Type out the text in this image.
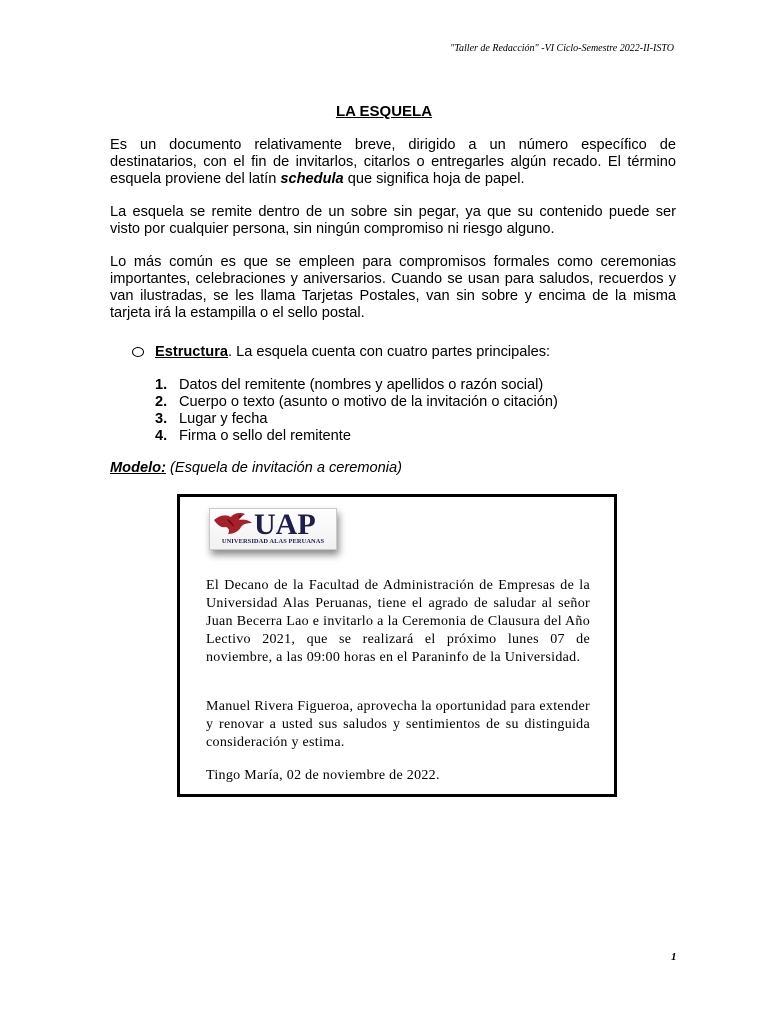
"Taller de Redacción" -VI Ciclo-Semestre 2022-II-ISTO
LA ESQUELA

Es un documento relativamente breve, dirigido a un número específico de destinatarios, con el fin de invitarlos, citarlos o entregarles algún recado. El término esquela proviene del latín schedula que significa hoja de papel.

La esquela se remite dentro de un sobre sin pegar, ya que su contenido puede ser visto por cualquier persona, sin ningún compromiso ni riesgo alguno.

Lo más común es que se empleen para compromisos formales como ceremonias importantes, celebraciones y aniversarios. Cuando se usan para saludos, recuerdos y van ilustradas, se les llama Tarjetas Postales, van sin sobre y encima de la misma tarjeta irá la estampilla o el sello postal.

Estructura . La esquela cuenta con cuatro partes principales:
1. Datos del remitente (nombres y apellidos o razón social)
2. Cuerpo o texto (asunto o motivo de la invitación o citación)
3. Lugar y fecha
4. Firma o sello del remitente
Modelo: (Esquela de invitación a ceremonia)
UAP
UNIVERSIDAD ALAS PERUANAS

El Decano de la Facultad de Administración de Empresas de la Universidad Alas Peruanas, tiene el agrado de saludar al señor Juan Becerra Lao e invitarlo a la Ceremonia de Clausura del Año Lectivo 2021, que se realizará el próximo lunes 07 de noviembre, a las 09:00 horas en el Paraninfo de la Universidad.

Manuel Rivera Figueroa, aprovecha la oportunidad para extender y renovar a usted sus saludos y sentimientos de su distinguida consideración y estima.

Tingo María, 02 de noviembre de 2022.

1
